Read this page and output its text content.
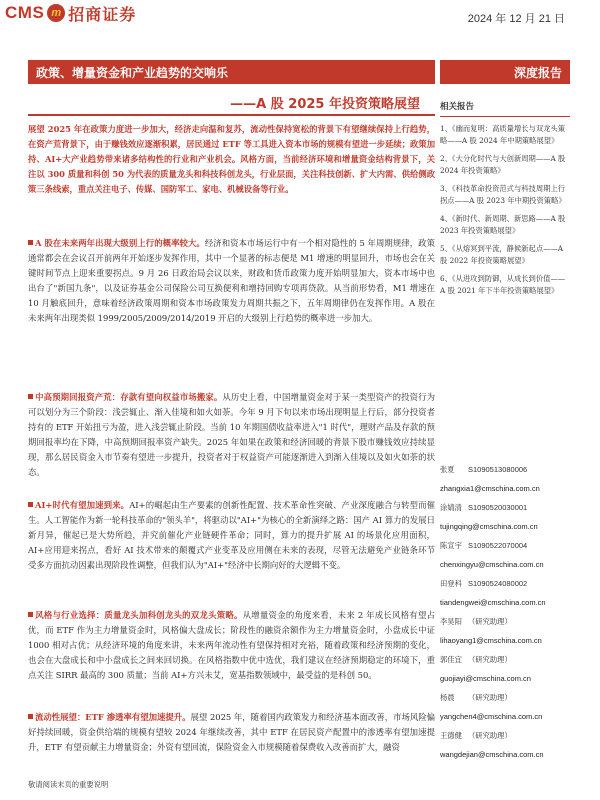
CMS m 招商证券	2024 年 12 月 21 日
政策、增量资金和产业趋势的交响乐	深度报告
——A 股 2025 年投资策略展望

展望 2025 年在政策力度进一步加大，经济走向温和复苏，流动性保持宽松的背景下有望继续保持上行趋势，在资产荒背景下，由于赚钱效应逐渐积累，居民通过 ETF 等工具进入资本市场的规模有望进一步延续；政策加持、AI+大产业趋势带来诸多结构性的行业和产业机会。风格方面，当前经济环境和增量资金结构背景下，关注以 300 质量和科创 50 为代表的质量龙头和科技科创龙头，行业层面，关注科技创新、扩大内需、供给侧政策三条线索，重点关注电子、传媒、国防军工、家电、机械设备等行业。

A 股在未来两年出现大级别上行的概率较大。经济和资本市场运行中有一个相对隐性的 5 年周期规律，政策通常都会在会议召开前两年开始逐步发挥作用，其中一个显著的标志便是 M1 增速的明显回升，市场也会在关键时间节点上迎来重要拐点。9 月 26 日政治局会议以来，财政和货币政策力度开始明显加大，资本市场中也出台了"新国九条"，以及证券基金公司保险公司互换便利和增持回购专项再贷款。从当前形势看，M1 增速在 10 月触底回升，意味着经济政策周期和资本市场政策发力周期共振之下，五年周期律仍在发挥作用。A 股在未来两年出现类似 1999/2005/2009/2014/2019 开启的大级别上行趋势的概率进一步加大。

中高预期回报资产荒：存款有望向权益市场搬家。从历史上看，中国增量资金对于某一类型资产的投资行为可以划分为三个阶段：浅尝辄止、渐入佳境和如火如荼。今年 9 月下旬以来市场出现明显上行后，部分投资者持有的 ETF 开始扭亏为盈，进入浅尝辄止阶段。当前 10 年期国债收益率进入"1 时代"，理财产品及存款的预期回报率均在下降，中高预期回报率资产缺失。2025 年如果在政策和经济回暖的背景下股市赚钱效应持续显现，那么居民资金入市节奏有望进一步提升，投资者对于权益资产可能逐渐进入到渐入佳境以及如火如荼的状态。

AI+时代有望加速到来。AI+的崛起由生产要素的创新性配置、技术革命性突破、产业深度融合与转型而催生。人工智能作为新一轮科技革命的"领头羊"，将驱动以"AI+"为核心的全新演绎之路：国产 AI 算力的发展日新月异，催起已是大势所趋，并究前催化产业链硬件革命；同时，算力的提升扩展 AI 的场景化应用面积，AI+应用迎来拐点，看好 AI 技术带来的颠覆式产业变革及应用侧在未来的表现，尽管无法避免产业链条环节受多方面抗动因素出现阶段性调整，但我们认为"AI+"经济中长期向好的大逻辑不变。

风格与行业选择：质量龙头加科创龙头的双龙头策略。从增量资金的角度来看，未来 2 年成长风格有望占优，而 ETF 作为主力增量资金时，风格偏大盘成长；阶段性的融资余额作为主力增量资金时，小盘成长中证 1000 相对占优；从经济环境的角度来讲，未来两年流动性有望保持相对充裕，随着政策和经济预期的变化，也会在大盘成长和中小盘成长之间来回切换。在风格指数中优中选优，我们建议在经济预期稳定的环境下，重点关注 SIRR 最高的 300 质量；当前 AI+方兴未艾，宽基指数领域中，最受益的是科创 50。

流动性展望：ETF 渗透率有望加速提升。展望 2025 年，随着国内政策发力和经济基本面改善，市场风险偏好持续回暖，资金供给端的规模有望较 2024 年继续改善，其中 ETF 在居民资产配置中的渗透率有望加速提升，ETF 有望贡献主力增量资金；外资有望回流，保险资金入市规模随着保费收入改善而扩大，融资

相关报告
1、《幽而复明：高质量增长与双龙头策略——A 股 2024 年中期策略展望》
2、《大分化时代与大创新周期——A 股 2024 年投资策略》
3、《科技革命投资范式与科技周期上行拐点——A 股 2023 年中期投资策略》
4、《新时代、新周期、新思路——A 股 2023 年投资策略展望》
5、《从熔冥到平流，静候新起点——A 股 2022 年投资策略展望》
6、《从进攻到防御，从成长到价值——A 股 2021 年下半年投资策略展望》
张夏 S1090513080006
zhangxia1@cmschina.com.cn
涂婧清 S1090520030001
tujingqing@cmschina.com.cn
陈宣宇 S1090522070004
chenxingyu@cmschina.com.cn
田登科 S1090524080002
tiandengwei@cmschina.com.cn
李昊阳 （研究助理）
lihaoyang1@cmschina.com.cn
郭佳宜 （研究助理）
guojiayi@cmschina.com.cn
杨晨 （研究助理）
yangchen4@cmschina.com.cn
王德健 （研究助理）
wangdejian@cmschina.com.cn
敬请阅读末页的重要说明
